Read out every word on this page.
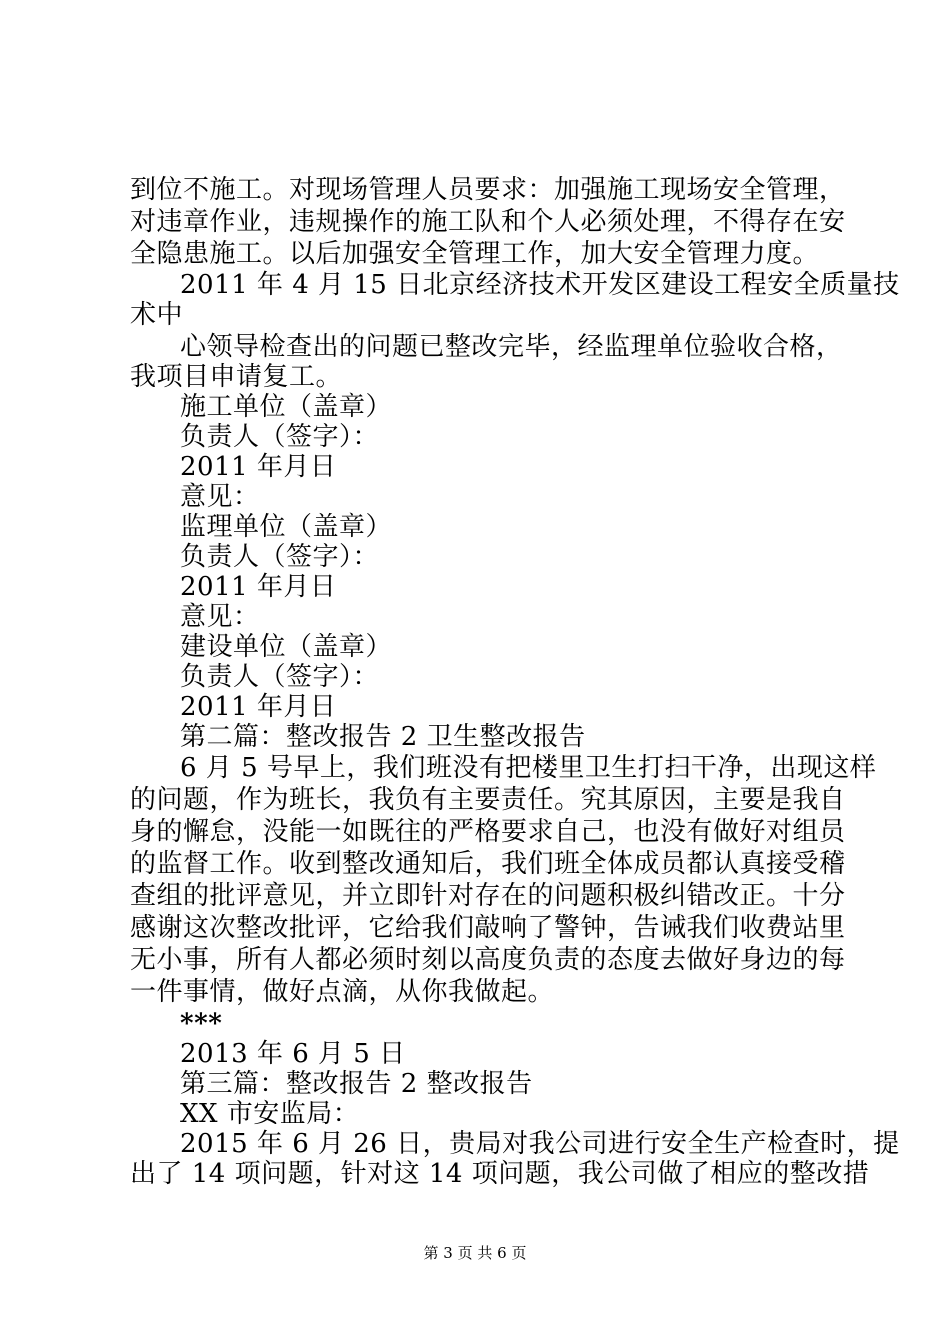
到位不施工。对现场管理人员要求：加强施工现场安全管理，
对违章作业，违规操作的施工队和个人必须处理，不得存在安
全隐患施工。以后加强安全管理工作，加大安全管理力度。
2011 年 4 月 15 日北京经济技术开发区建设工程安全质量技
术中
心领导检查出的问题已整改完毕，经监理单位验收合格，
我项目申请复工。
施工单位（盖章）
负责人（签字）：
2011 年月日
意见：
监理单位（盖章）
负责人（签字）：
2011 年月日
意见：
建设单位（盖章）
负责人（签字）：
2011 年月日
第二篇：整改报告 2 卫生整改报告
6 月 5 号早上，我们班没有把楼里卫生打扫干净，出现这样
的问题，作为班长，我负有主要责任。究其原因，主要是我自
身的懈怠，没能一如既往的严格要求自己，也没有做好对组员
的监督工作。收到整改通知后，我们班全体成员都认真接受稽
查组的批评意见，并立即针对存在的问题积极纠错改正。十分
感谢这次整改批评，它给我们敲响了警钟，告诫我们收费站里
无小事，所有人都必须时刻以高度负责的态度去做好身边的每
一件事情，做好点滴，从你我做起。
***
2013 年 6 月 5 日
第三篇：整改报告 2 整改报告
XX 市安监局：
2015 年 6 月 26 日，贵局对我公司进行安全生产检查时，提
出了 14 项问题，针对这 14 项问题，我公司做了相应的整改措
第 3 页 共 6 页
